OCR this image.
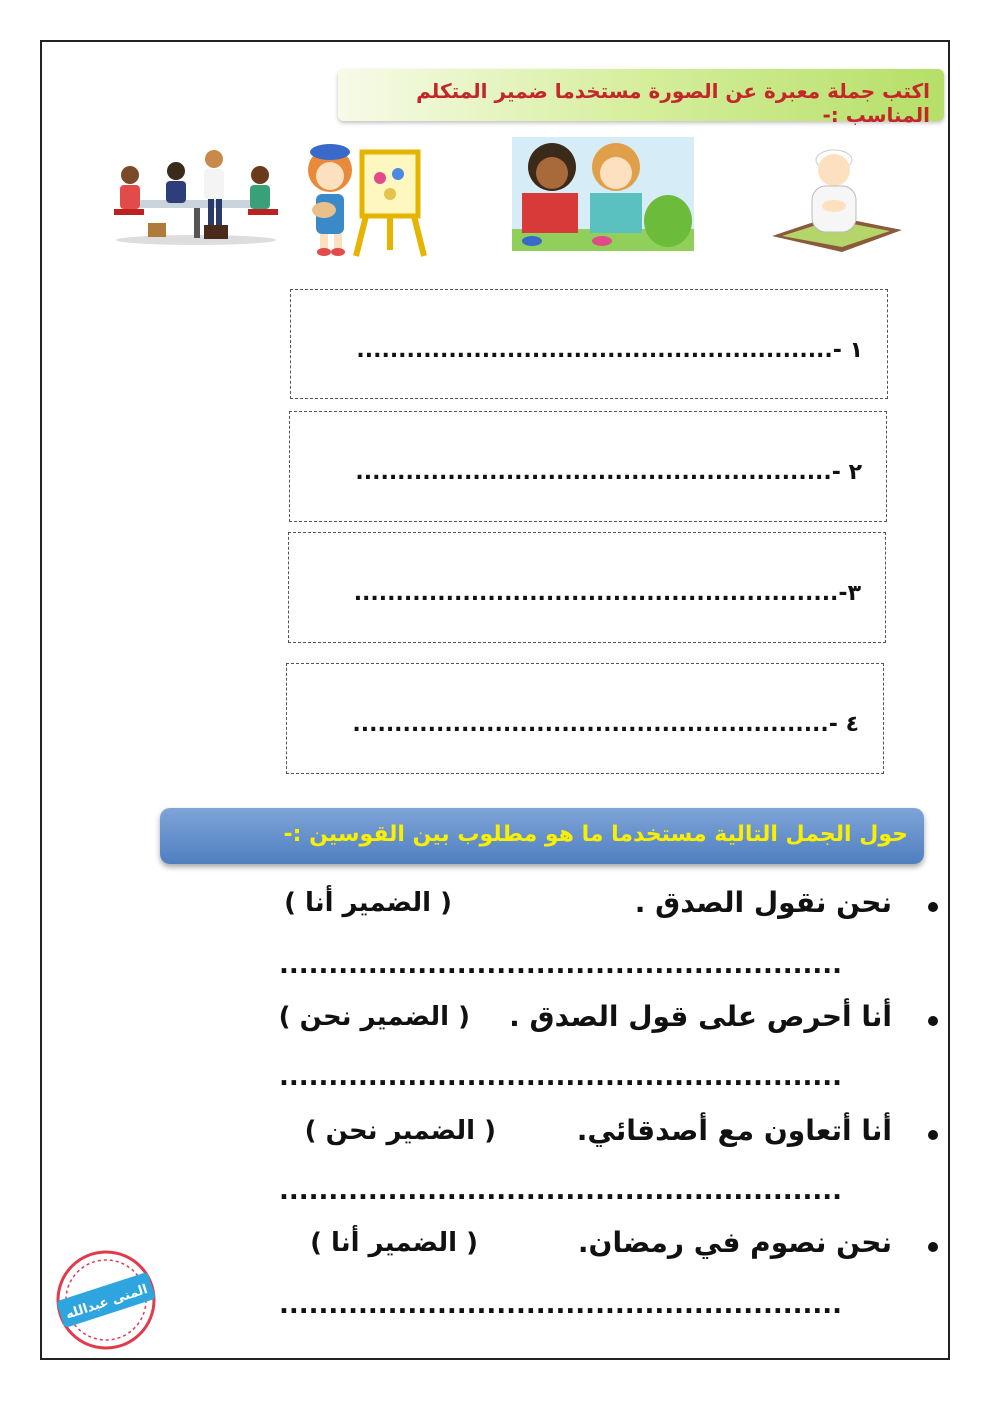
اكتب جملة معبرة عن الصورة مستخدما ضمير المتكلم المناسب :-
١ -.........................................................
٢ -.........................................................
٣-..........................................................
٤ -.........................................................
حول الجمل التالية مستخدما ما هو مطلوب بين القوسين :-
نحن نقول الصدق .
( الضمير أنا )
.........................................................
أنا أحرص على قول الصدق .
( الضمير نحن )
.........................................................
أنا أتعاون مع أصدقائي.
( الضمير نحن )
.........................................................
نحن نصوم في رمضان.
( الضمير أنا )
.........................................................
المنى عبدالله
